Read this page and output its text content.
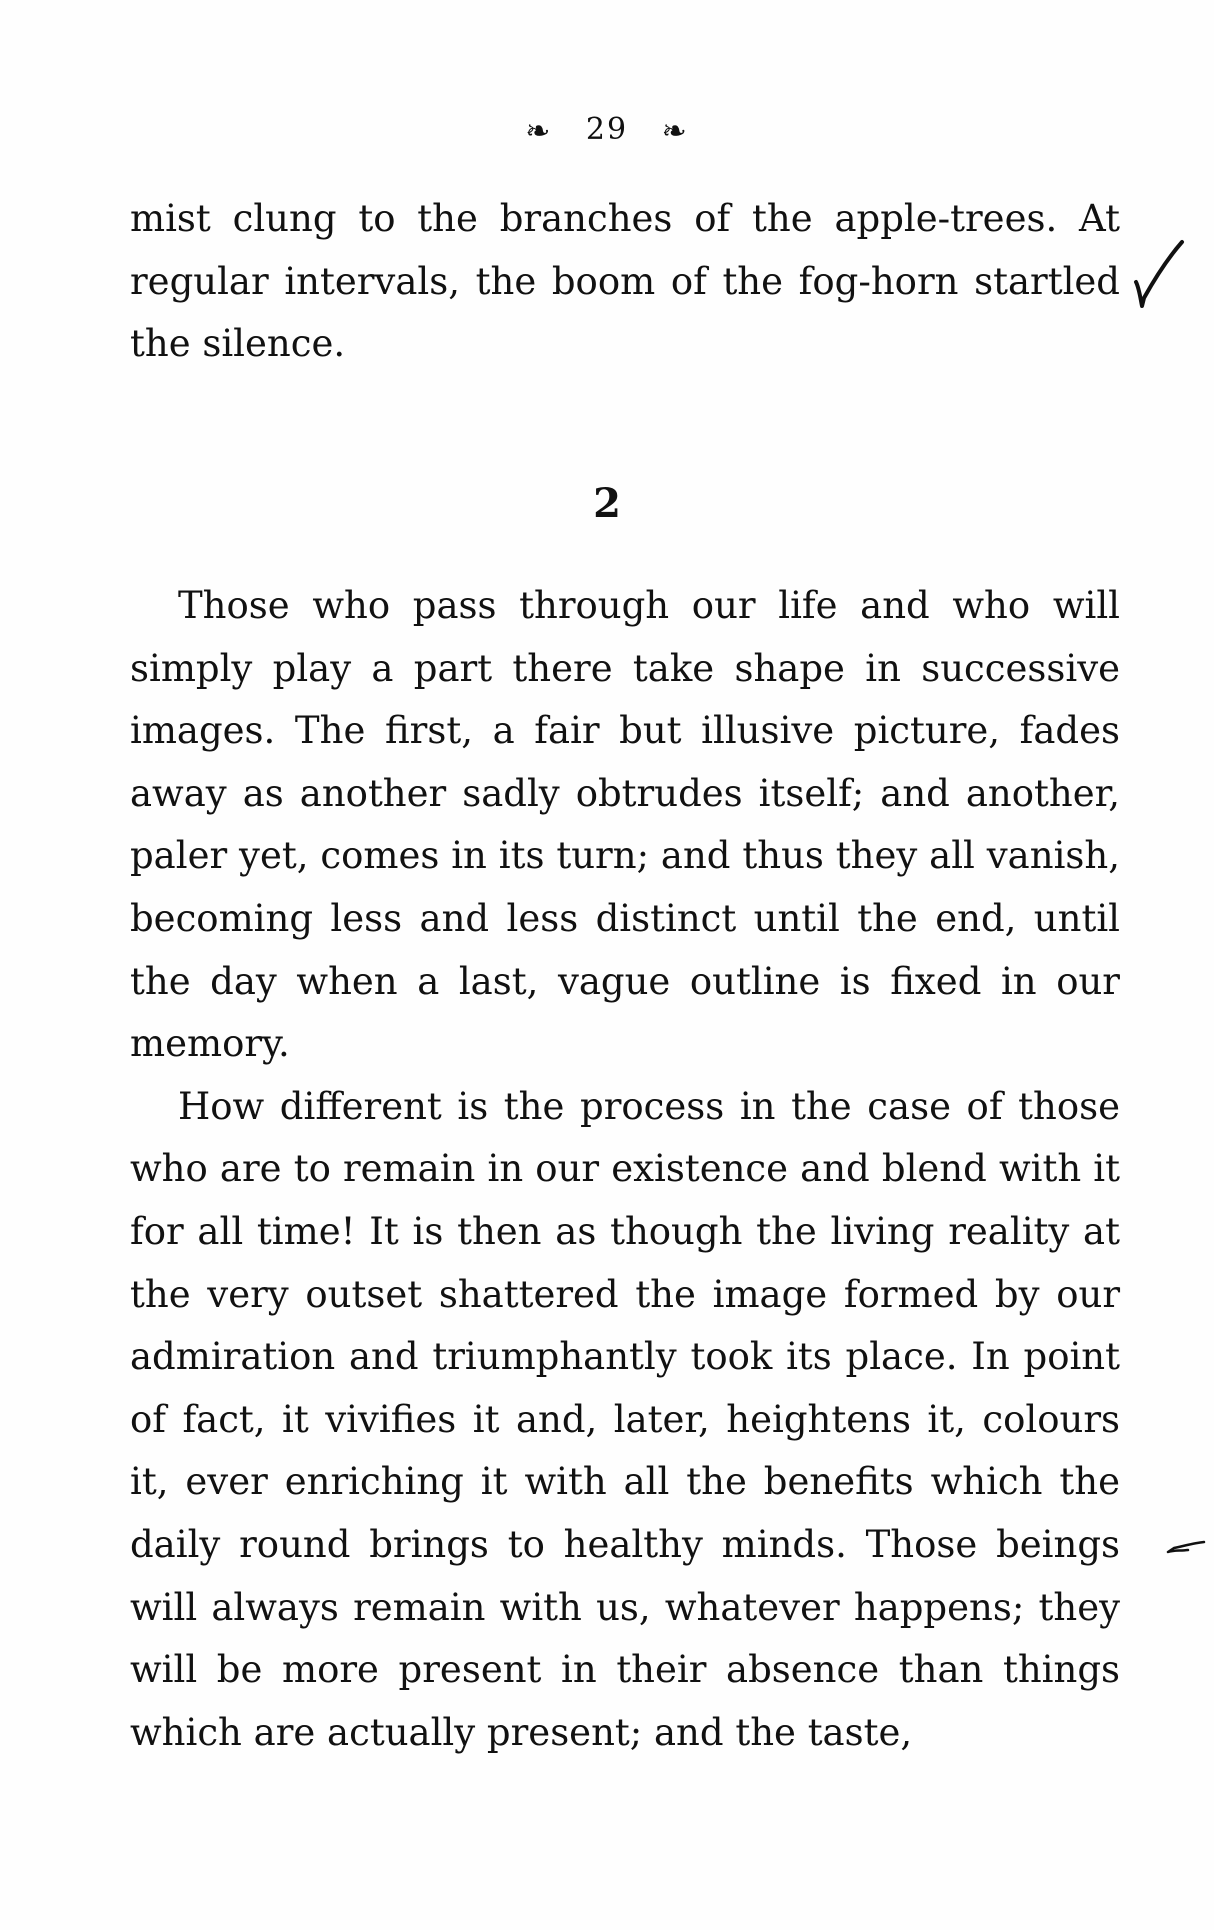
❧ 29 ❧

mist clung to the branches of the apple-trees. At regular intervals, the boom of the fog-horn startled the silence.

2

Those who pass through our life and who will simply play a part there take shape in successive images. The first, a fair but illusive picture, fades away as another sadly obtrudes itself; and another, paler yet, comes in its turn; and thus they all vanish, becoming less and less distinct until the end, until the day when a last, vague outline is fixed in our memory.

How different is the process in the case of those who are to remain in our existence and blend with it for all time! It is then as though the living reality at the very outset shattered the image formed by our admiration and triumphantly took its place. In point of fact, it vivifies it and, later, heightens it, colours it, ever enriching it with all the benefits which the daily round brings to healthy minds. Those beings will always remain with us, whatever happens; they will be more present in their absence than things which are actually present; and the taste,
